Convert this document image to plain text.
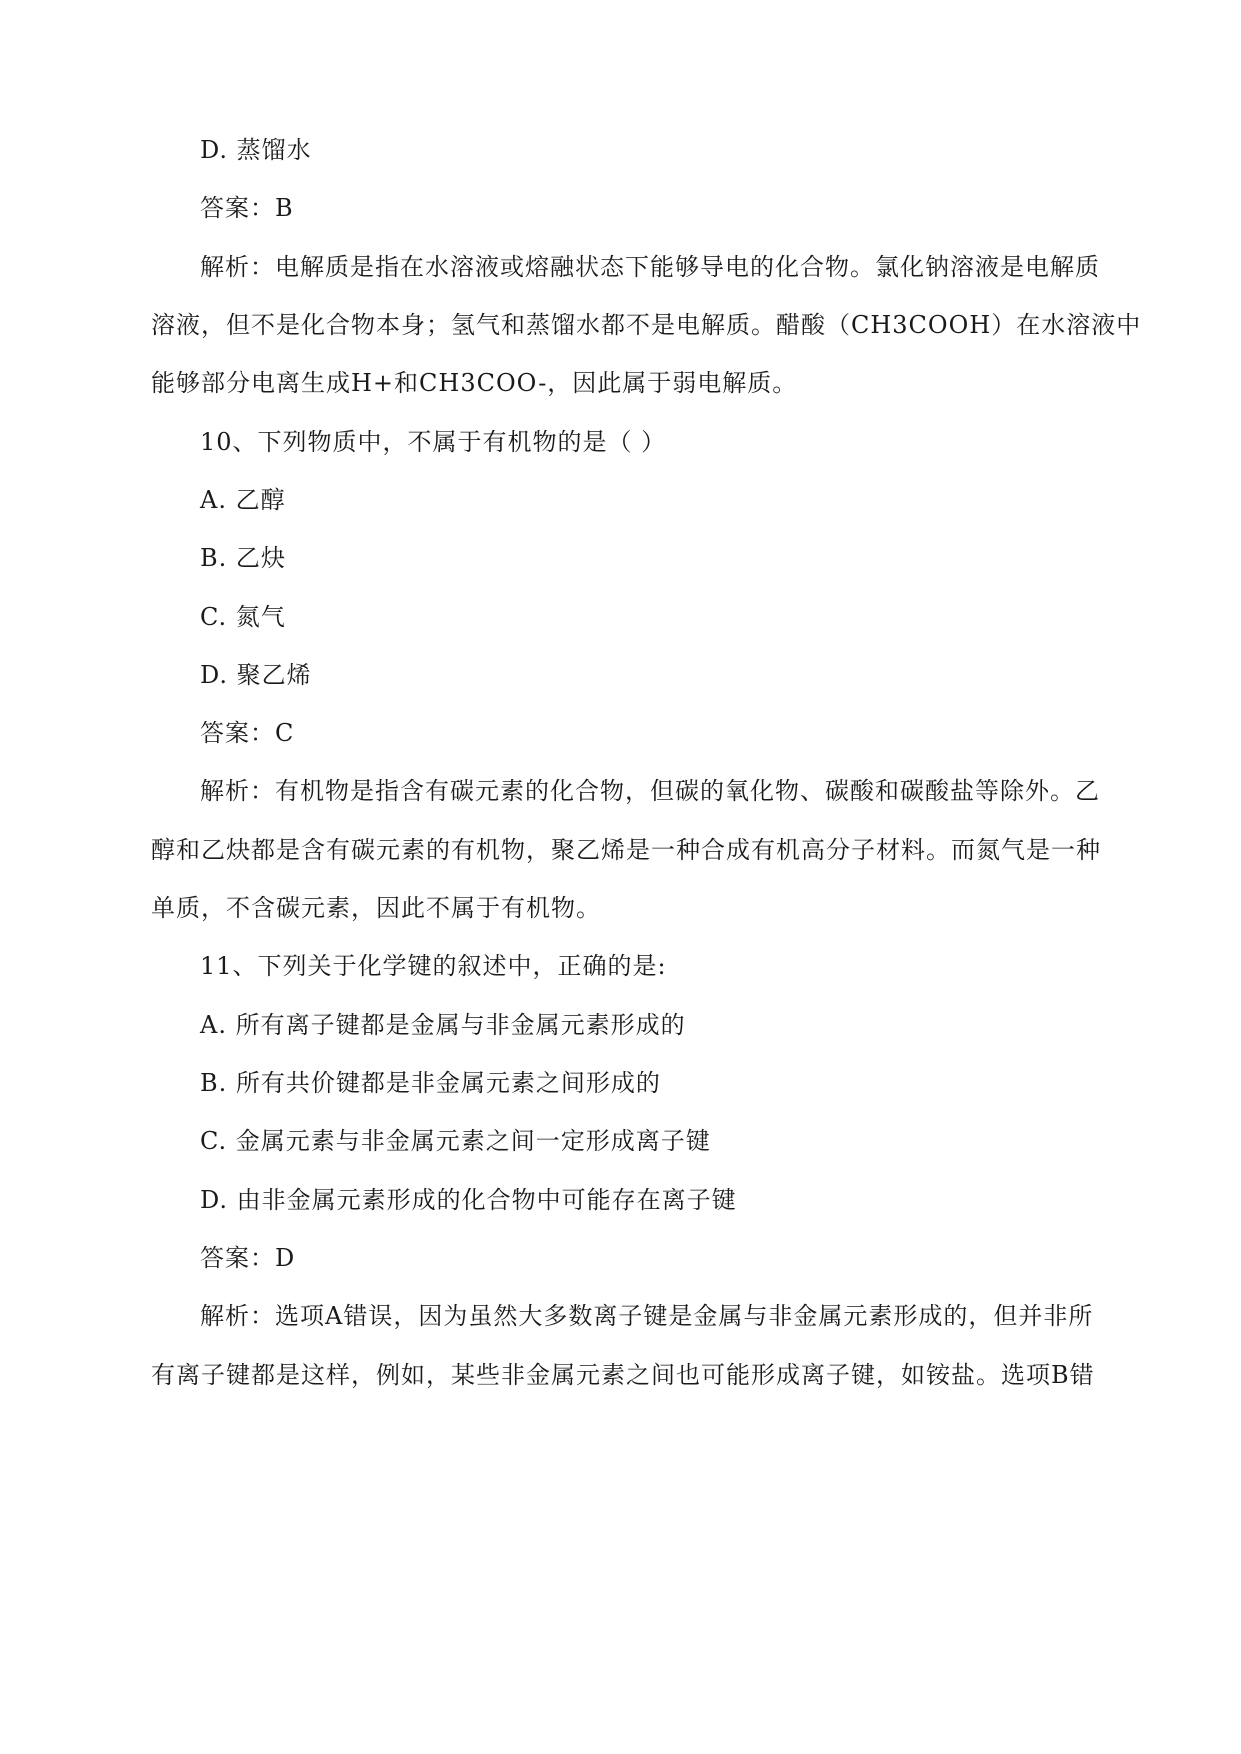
D. 蒸馏水
答案：B
解析：电解质是指在水溶液或熔融状态下能够导电的化合物。氯化钠溶液是电解质
溶液，但不是化合物本身；氢气和蒸馏水都不是电解质。醋酸（CH3COOH）在水溶液中
能够部分电离生成H+和CH3COO-，因此属于弱电解质。
10、下列物质中，不属于有机物的是（ ）
A. 乙醇
B. 乙炔
C. 氮气
D. 聚乙烯
答案：C
解析：有机物是指含有碳元素的化合物，但碳的氧化物、碳酸和碳酸盐等除外。乙
醇和乙炔都是含有碳元素的有机物，聚乙烯是一种合成有机高分子材料。而氮气是一种
单质，不含碳元素，因此不属于有机物。
11、下列关于化学键的叙述中，正确的是:
A. 所有离子键都是金属与非金属元素形成的
B. 所有共价键都是非金属元素之间形成的
C. 金属元素与非金属元素之间一定形成离子键
D. 由非金属元素形成的化合物中可能存在离子键
答案：D
解析：选项A错误，因为虽然大多数离子键是金属与非金属元素形成的，但并非所
有离子键都是这样，例如，某些非金属元素之间也可能形成离子键，如铵盐。选项B错
